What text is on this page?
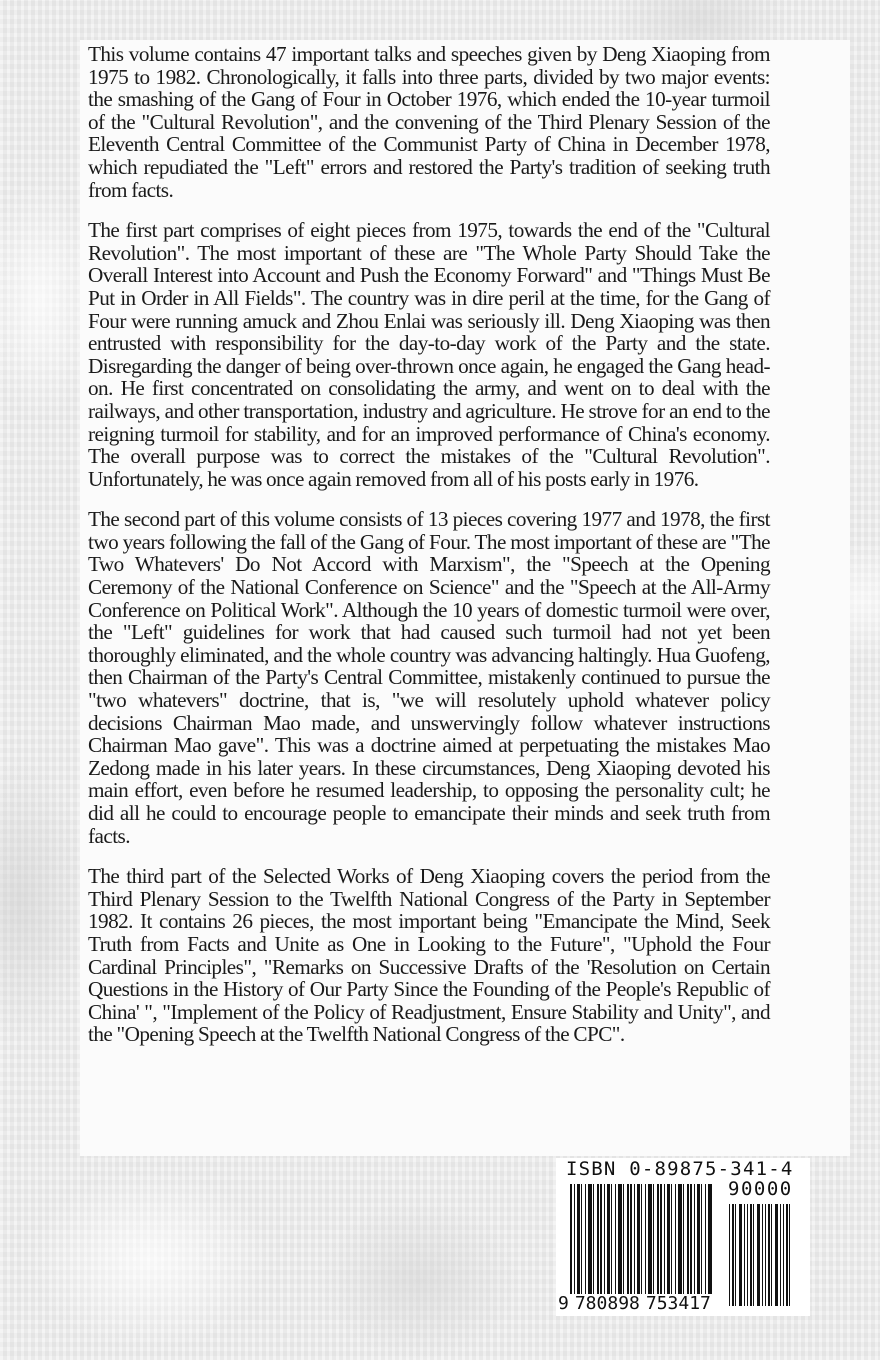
This volume contains 47 important talks and speeches given by Deng Xiaoping from 1975 to 1982. Chronologically, it falls into three parts, divided by two major events: the smashing of the Gang of Four in October 1976, which ended the 10-year turmoil of the "Cultural Revolution", and the convening of the Third Plenary Session of the Eleventh Central Committee of the Communist Party of China in December 1978, which repudiated the "Left" errors and restored the Party's tradition of seeking truth from facts.

The first part comprises of eight pieces from 1975, towards the end of the "Cultural Revolution". The most important of these are "The Whole Party Should Take the Overall Interest into Account and Push the Economy Forward" and "Things Must Be Put in Order in All Fields". The country was in dire peril at the time, for the Gang of Four were running amuck and Zhou Enlai was seriously ill. Deng Xiaoping was then entrusted with responsibility for the day-to-day work of the Party and the state. Disregarding the danger of being over-thrown once again, he engaged the Gang head-on. He first concentrated on consolidating the army, and went on to deal with the railways, and other transportation, industry and agriculture. He strove for an end to the reigning turmoil for stability, and for an improved performance of China's economy. The overall purpose was to correct the mistakes of the "Cultural Revolution". Unfortunately, he was once again removed from all of his posts early in 1976.

The second part of this volume consists of 13 pieces covering 1977 and 1978, the first two years following the fall of the Gang of Four. The most important of these are "The Two Whatevers' Do Not Accord with Marxism", the "Speech at the Opening Ceremony of the National Conference on Science" and the "Speech at the All-Army Conference on Political Work". Although the 10 years of domestic turmoil were over, the "Left" guidelines for work that had caused such turmoil had not yet been thoroughly eliminated, and the whole country was advancing haltingly. Hua Guofeng, then Chairman of the Party's Central Committee, mistakenly continued to pursue the "two whatevers" doctrine, that is, "we will resolutely uphold whatever policy decisions Chairman Mao made, and unswervingly follow whatever instructions Chairman Mao gave". This was a doctrine aimed at perpetuating the mistakes Mao Zedong made in his later years. In these circumstances, Deng Xiaoping devoted his main effort, even before he resumed leadership, to opposing the personality cult; he did all he could to encourage people to emancipate their minds and seek truth from facts.

The third part of the Selected Works of Deng Xiaoping covers the period from the Third Plenary Session to the Twelfth National Congress of the Party in September 1982. It contains 26 pieces, the most important being "Emancipate the Mind, Seek Truth from Facts and Unite as One in Looking to the Future", "Uphold the Four Cardinal Principles", "Remarks on Successive Drafts of the 'Resolution on Certain Questions in the History of Our Party Since the Founding of the People's Republic of China' ", "Implement of the Policy of Readjustment, Ensure Stability and Unity", and the "Opening Speech at the Twelfth National Congress of the CPC".

ISBN 0-89875-341-4
90000
9 780898 753417
